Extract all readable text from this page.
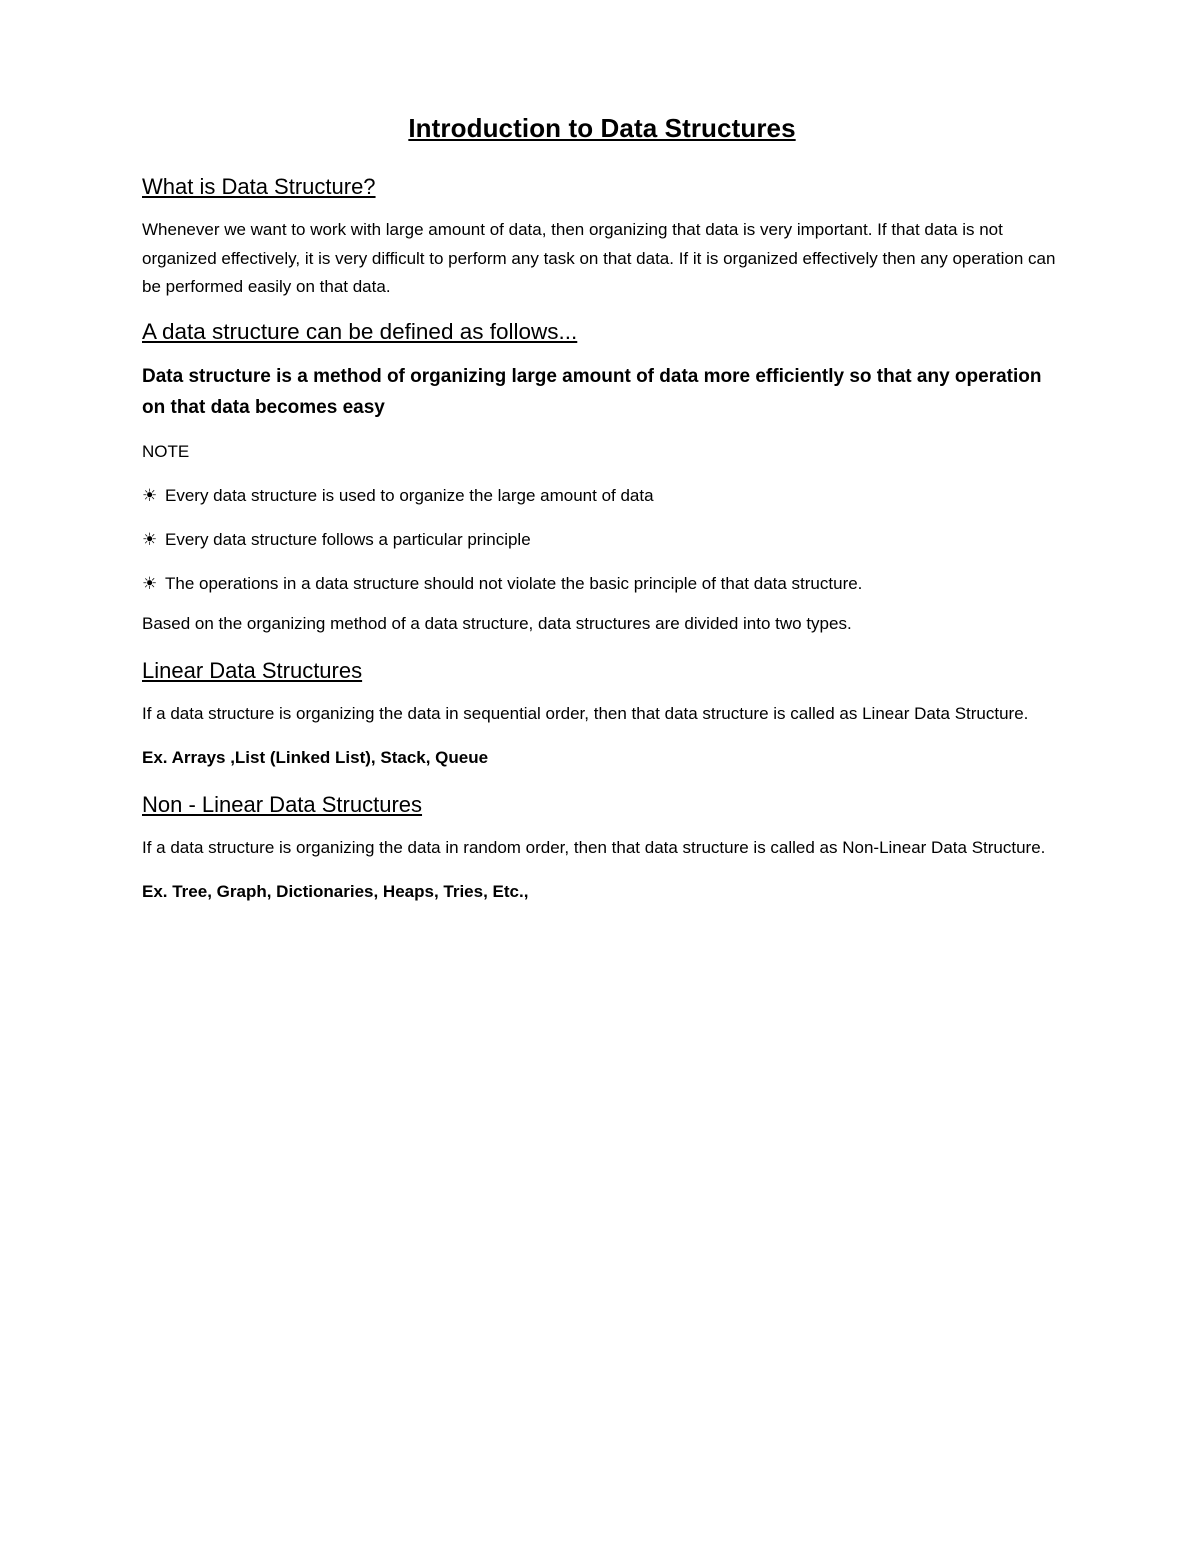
Introduction to Data Structures
What is Data Structure?

Whenever we want to work with large amount of data, then organizing that data is very important. If that data is not organized effectively, it is very difficult to perform any task on that data. If it is organized effectively then any operation can be performed easily on that data.

A data structure can be defined as follows...

Data structure is a method of organizing large amount of data more efficiently so that any operation on that data becomes easy

NOTE

☀ Every data structure is used to organize the large amount of data
☀ Every data structure follows a particular principle
☀ The operations in a data structure should not violate the basic principle of that data structure.

Based on the organizing method of a data structure, data structures are divided into two types.

Linear Data Structures

If a data structure is organizing the data in sequential order, then that data structure is called as Linear Data Structure.

Ex. Arrays ,List (Linked List), Stack, Queue

Non - Linear Data Structures

If a data structure is organizing the data in random order, then that data structure is called as Non-Linear Data Structure.

Ex. Tree, Graph, Dictionaries, Heaps, Tries, Etc.,
